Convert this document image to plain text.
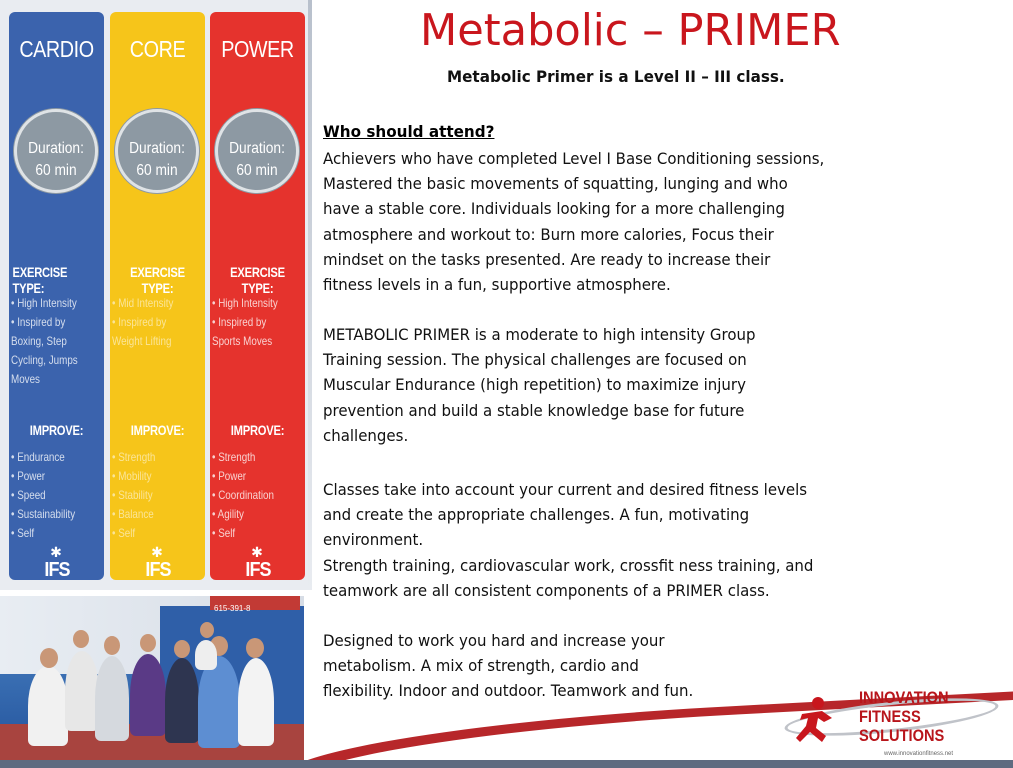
CARDIO
Duration:
60 min
EXERCISE TYPE:
• High Intensity
• Inspired by
Boxing, Step
Cycling, Jumps
Moves
IMPROVE:
• Endurance
• Power
• Speed
• Sustainability
• Self
✱
IFS
CORE
Duration:
60 min
EXERCISE TYPE:
• Mid Intensity
• Inspired by
Weight Lifting
IMPROVE:
• Strength
• Mobility
• Stability
• Balance
• Self
✱
IFS
POWER
Duration:
60 min
EXERCISE TYPE:
• High Intensity
• Inspired by
Sports Moves
IMPROVE:
• Strength
• Power
• Coordination
• Agility
• Self
✱
IFS
615-391-8
Metabolic – PRIMER
Metabolic Primer is a Level II – III class.
Who should attend?
Achievers who have completed Level I Base Conditioning sessions,
Mastered the basic movements of squatting, lunging and who
have a stable core. Individuals looking for a more challenging
atmosphere and workout to: Burn more calories, Focus their
mindset on the tasks presented. Are ready to increase their
fitness levels in a fun, supportive atmosphere.
METABOLIC PRIMER is a moderate to high intensity Group
Training session. The physical challenges are focused on
Muscular Endurance (high repetition) to maximize injury
prevention and build a stable knowledge base for future
challenges.
Classes take into account your current and desired fitness levels
and create the appropriate challenges. A fun, motivating
environment.
Strength training, cardiovascular work, crossfit ness training, and
teamwork are all consistent components of a PRIMER class.
Designed to work you hard and increase your
metabolism. A mix of strength, cardio and
flexibility. Indoor and outdoor. Teamwork and fun.	INNOVATION
FITNESS
SOLUTIONS
www.innovationfitness.net
